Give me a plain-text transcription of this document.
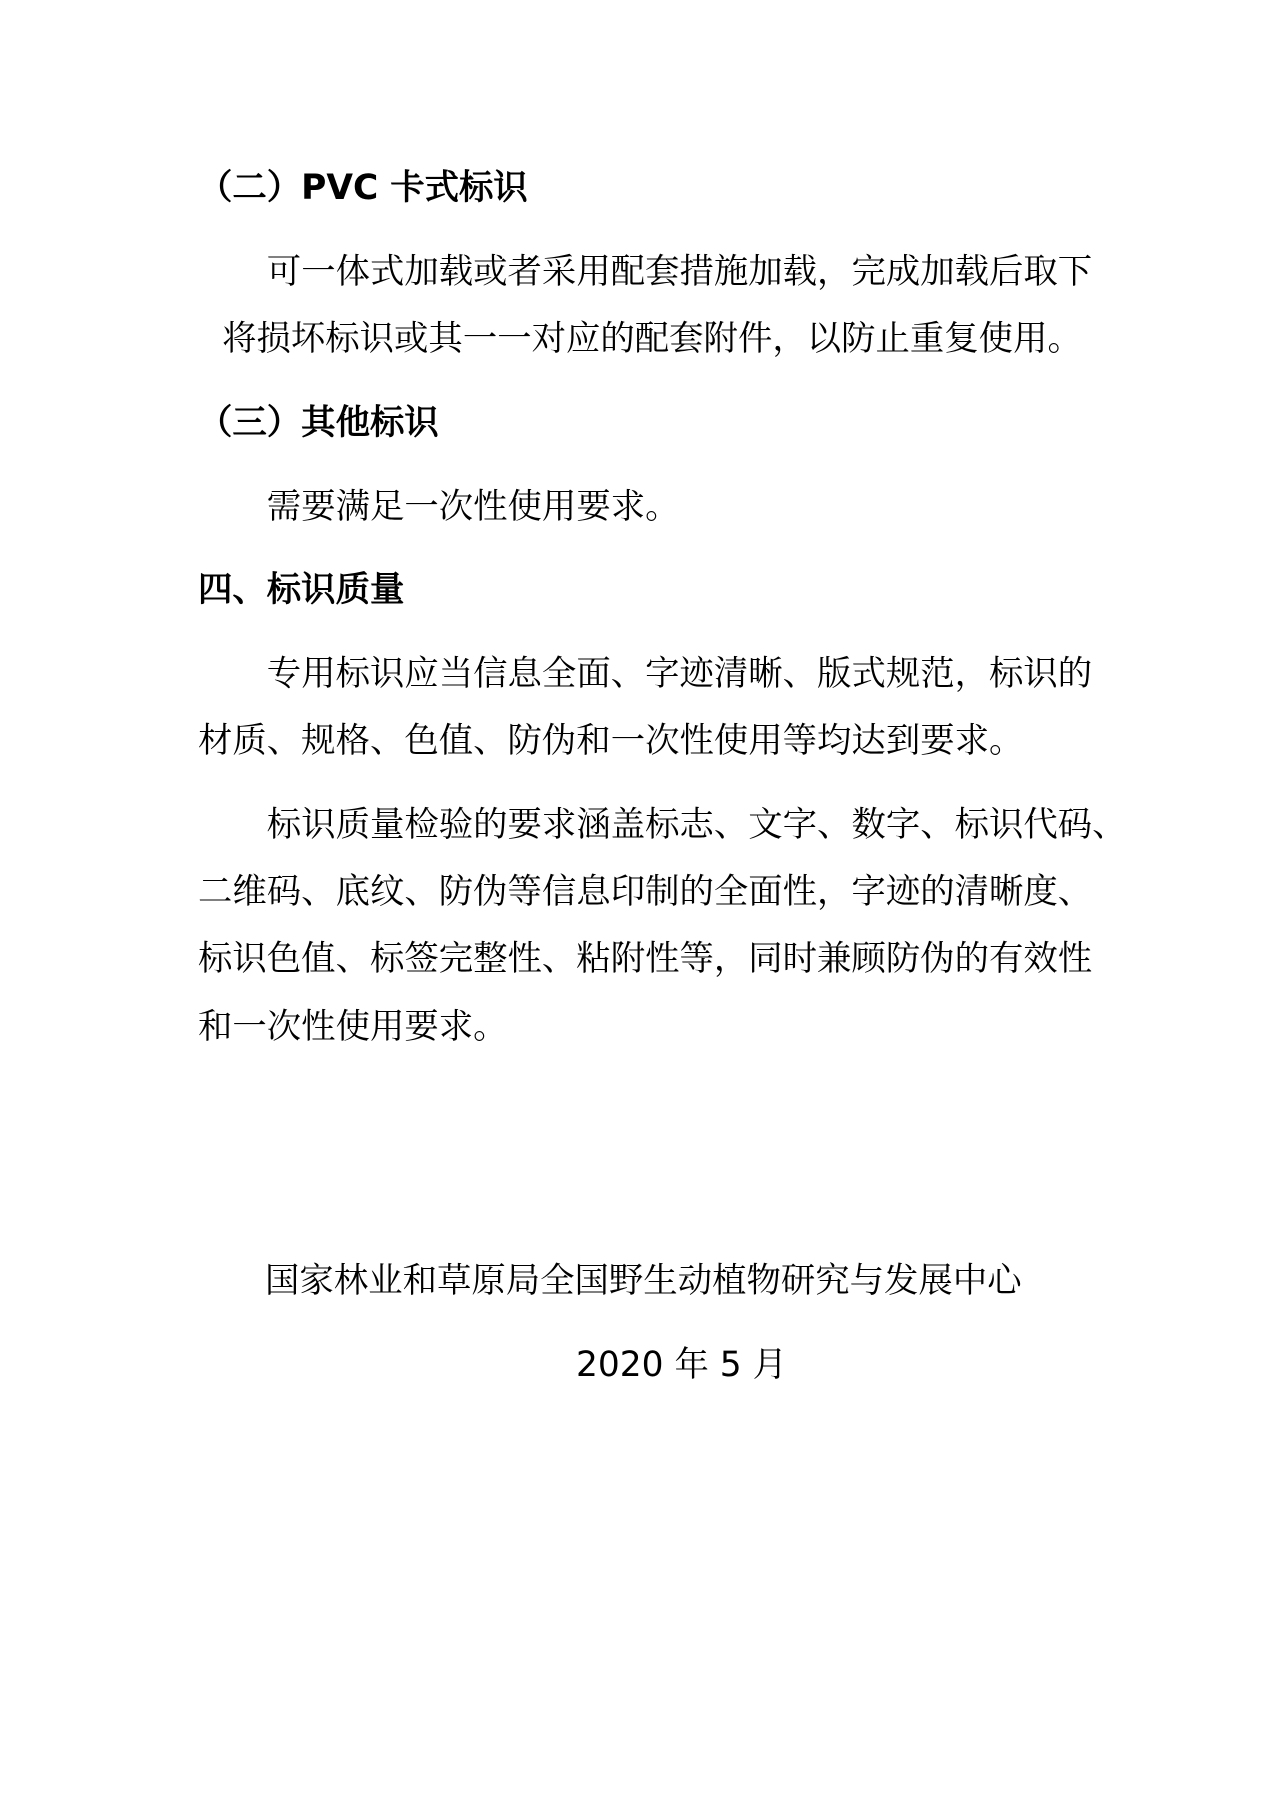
（二）PVC 卡式标识
可一体式加载或者采用配套措施加载，完成加载后取下
将损坏标识或其一一对应的配套附件，以防止重复使用。
（三）其他标识
需要满足一次性使用要求。
四、标识质量
专用标识应当信息全面、字迹清晰、版式规范，标识的
材质、规格、色值、防伪和一次性使用等均达到要求。
标识质量检验的要求涵盖标志、文字、数字、标识代码、
二维码、底纹、防伪等信息印制的全面性，字迹的清晰度、
标识色值、标签完整性、粘附性等，同时兼顾防伪的有效性
和一次性使用要求。
国家林业和草原局全国野生动植物研究与发展中心
2020 年 5 月
